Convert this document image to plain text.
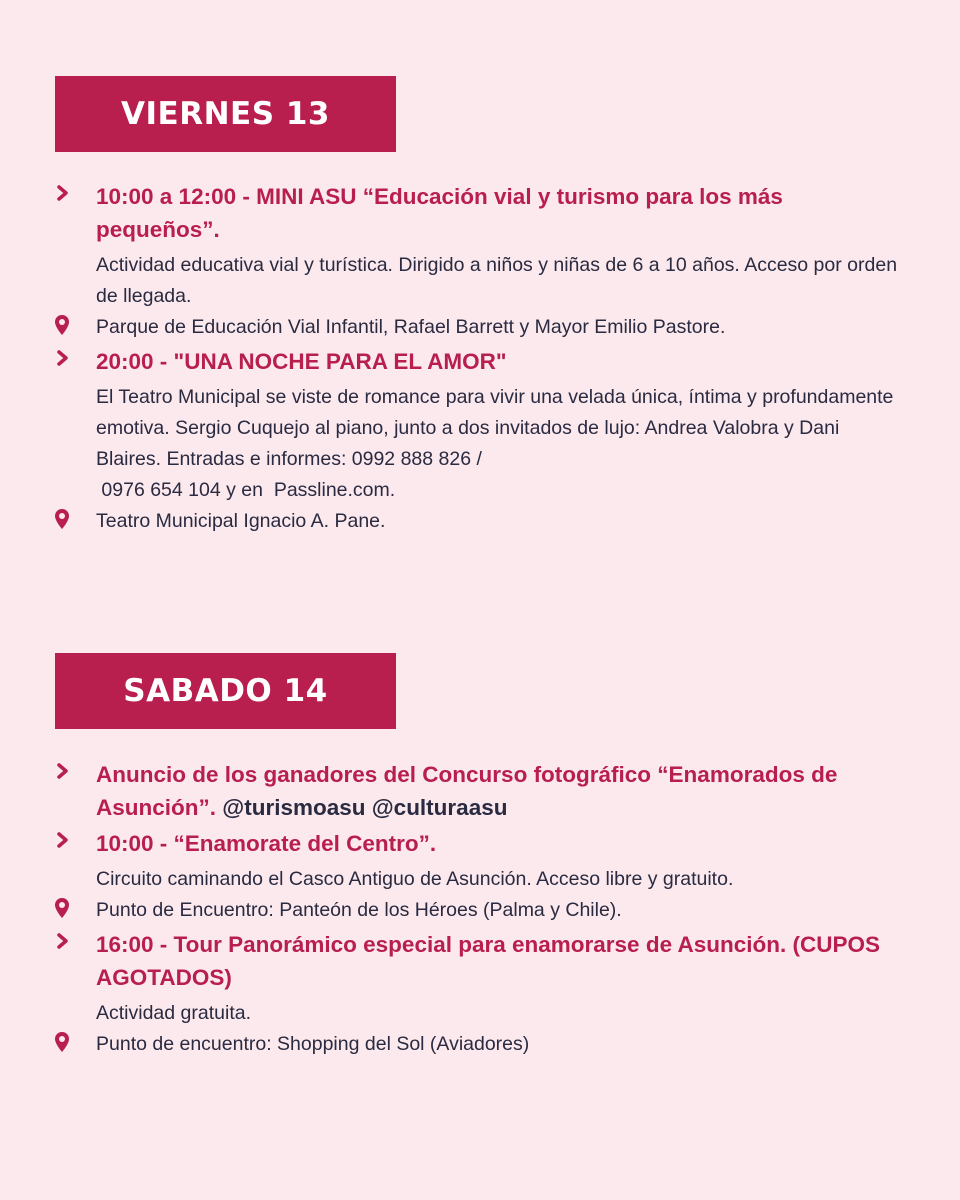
VIERNES 13

10:00 a 12:00 - MINI ASU “Educación vial y turismo para los más pequeños”.

Actividad educativa vial y turística. Dirigido a niños y niñas de 6 a 10 años. Acceso por orden de llegada.

Parque de Educación Vial Infantil, Rafael Barrett y Mayor Emilio Pastore.

20:00 - "UNA NOCHE PARA EL AMOR"

El Teatro Municipal se viste de romance para vivir una velada única, íntima y profundamente emotiva. Sergio Cuquejo al piano, junto a dos invitados de lujo: Andrea Valobra y Dani Blaires. Entradas e informes: 0992 888 826 /

0976 654 104 y en  Passline.com.

Teatro Municipal Ignacio A. Pane.

SABADO 14

Anuncio de los ganadores del Concurso fotográfico “Enamorados de Asunción”. @turismoasu @culturaasu

10:00 - “Enamorate del Centro”.

Circuito caminando el Casco Antiguo de Asunción. Acceso libre y gratuito.

Punto de Encuentro: Panteón de los Héroes (Palma y Chile).

16:00 - Tour Panorámico especial para enamorarse de Asunción. (CUPOS AGOTADOS)

Actividad gratuita.

Punto de encuentro: Shopping del Sol (Aviadores)
